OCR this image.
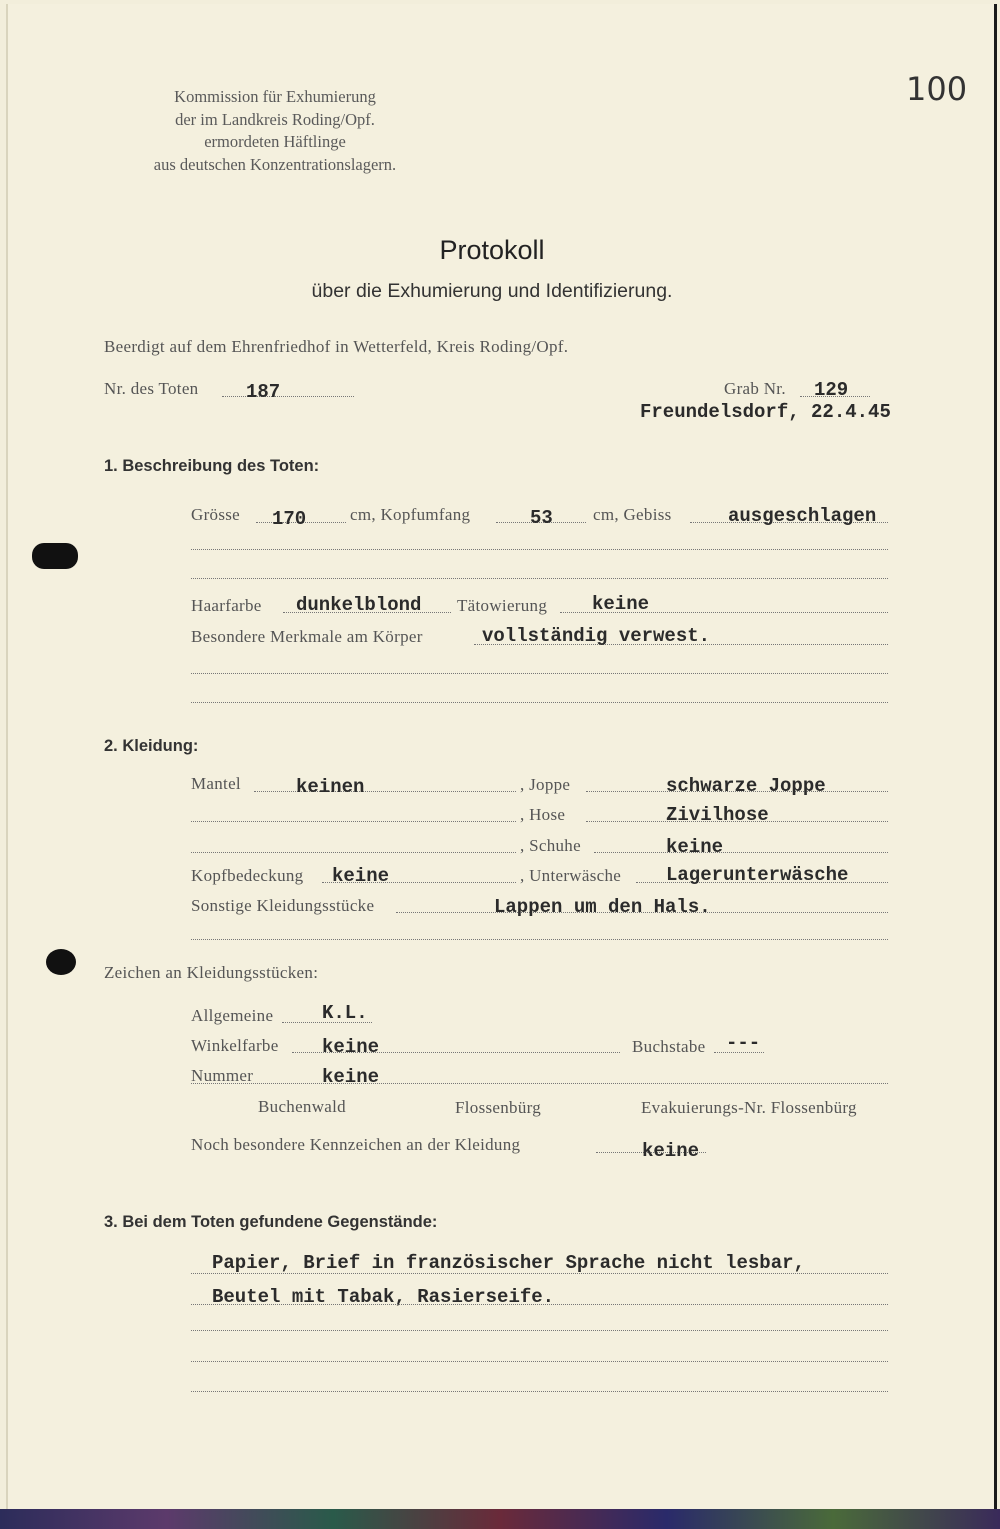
Kommission für Exhumierung
der im Landkreis Roding/Opf.
ermordeten Häftlinge
aus deutschen Konzentrationslagern.
100
Protokoll
über die Exhumierung und Identifizierung.
Beerdigt auf dem Ehrenfriedhof in Wetterfeld, Kreis Roding/Opf.
Nr. des Toten	187	Grab Nr. 129
Freundelsdorf, 22.4.45
1. Beschreibung des Toten:
Grösse 170	cm, Kopfumfang	53 cm, Gebiss	ausgeschlagen
Haarfarbe dunkelblond Tätowierung keine
Besondere Merkmale am Körper	vollständig verwest.
2. Kleidung:
Mantel	keinen	, Joppe	schwarze Joppe
, Hose	Zivilhose
, Schuhe	keine
Kopfbedeckung keine	, Unterwäsche Lagerunterwäsche
Sonstige Kleidungsstücke	Lappen um den Hals.
Zeichen an Kleidungsstücken:
Allgemeine	K.L.
Winkelfarbe keine	Buchstabe ---
Nummer	keine
Buchenwald	Flossenbürg	Evakuierungs-Nr. Flossenbürg
Noch besondere Kennzeichen an der Kleidung	keine
3. Bei dem Toten gefundene Gegenstände:
Papier, Brief in französischer Sprache nicht lesbar,
Beutel mit Tabak, Rasierseife.
